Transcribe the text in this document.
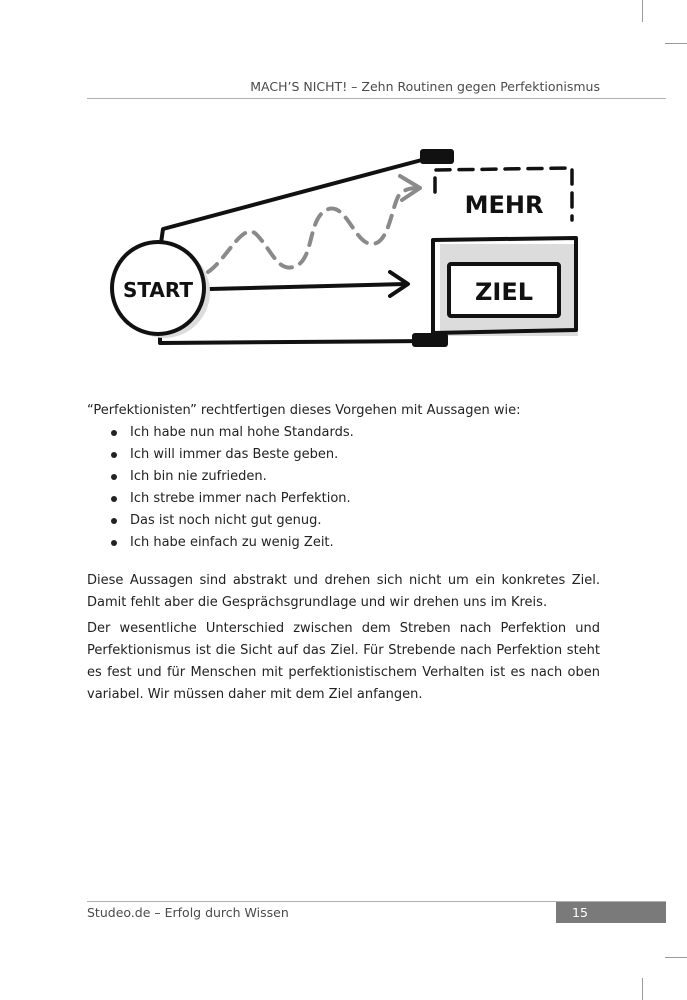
MACH’S NICHT! – Zehn Routinen gegen Perfektionismus
ZIEL
MEHR
START

“Perfektionisten” rechtfertigen dieses Vorgehen mit Aussagen wie:

Ich habe nun mal hohe Standards.
Ich will immer das Beste geben.
Ich bin nie zufrieden.
Ich strebe immer nach Perfektion.
Das ist noch nicht gut genug.
Ich habe einfach zu wenig Zeit.

Diese Aussagen sind abstrakt und drehen sich nicht um ein konkretes Ziel. Damit fehlt aber die Gesprächsgrundlage und wir drehen uns im Kreis.

Der wesentliche Unterschied zwischen dem Streben nach Perfektion und Perfektionismus ist die Sicht auf das Ziel. Für Strebende nach Perfektion steht es fest und für Menschen mit perfektionistischem Verhalten ist es nach oben variabel. Wir müssen daher mit dem Ziel anfangen.

Studeo.de – Erfolg durch Wissen	15
